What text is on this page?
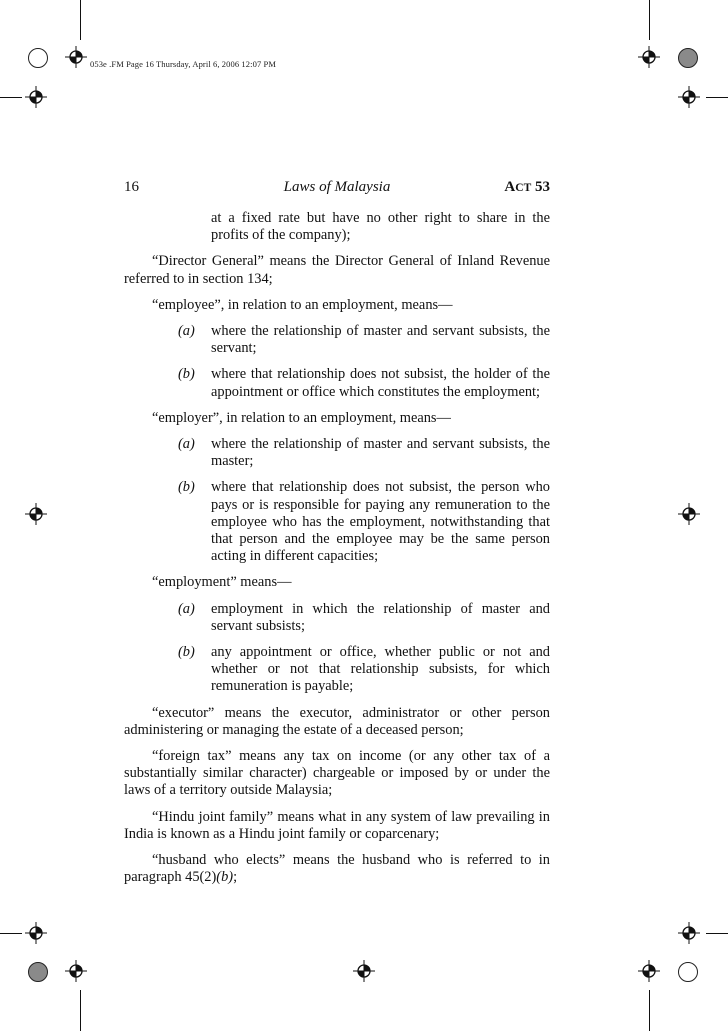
053e .FM Page 16 Thursday, April 6, 2006 12:07 PM
16	Laws of Malaysia	ACT 53

at a fixed rate but have no other right to share in the profits of the company);

“Director General” means the Director General of Inland Revenue referred to in section 134;

“employee”, in relation to an employment, means—

(a) where the relationship of master and servant subsists, the servant;

(b) where that relationship does not subsist, the holder of the appointment or office which constitutes the employment;

“employer”, in relation to an employment, means—

(a) where the relationship of master and servant subsists, the master;

(b) where that relationship does not subsist, the person who pays or is responsible for paying any remuneration to the employee who has the employment, notwithstanding that that person and the employee may be the same person acting in different capacities;

“employment” means—

(a) employment in which the relationship of master and servant subsists;

(b) any appointment or office, whether public or not and whether or not that relationship subsists, for which remuneration is payable;

“executor” means the executor, administrator or other person administering or managing the estate of a deceased person;

“foreign tax” means any tax on income (or any other tax of a substantially similar character) chargeable or imposed by or under the laws of a territory outside Malaysia;

“Hindu joint family” means what in any system of law prevailing in India is known as a Hindu joint family or coparcenary;

“husband who elects” means the husband who is referred to in paragraph 45(2)(b);
